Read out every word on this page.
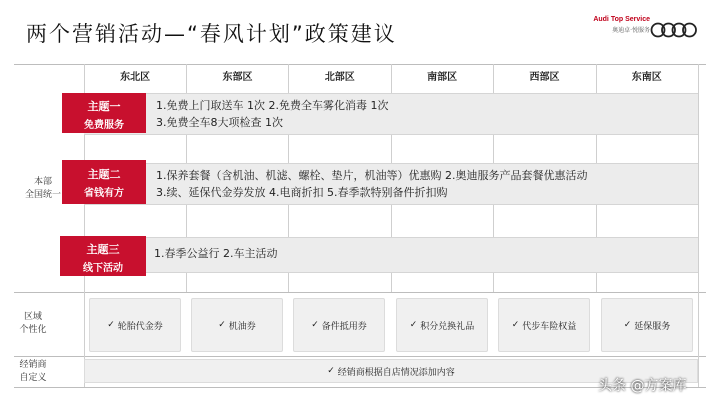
两个营销活动—“春风计划”政策建议
Audi Top Service
奥迪卓·悦服务
东北区	东部区	北部区	南部区	西部区	东南区
主题一
免费服务
1.免费上门取送车 1次 2.免费全车雾化消毒 1次
3.免费全车8大项检查 1次
主题二
省钱有方
1.保养套餐（含机油、机滤、螺栓、垫片，机油等）优惠购 2.奥迪服务产品套餐优惠活动
3.续、延保代金券发放 4.电商折扣 5.春季款特别备件折扣购
主题三
线下活动
1.春季公益行 2.车主活动
本部
全国统一
区域
个性化
经销商
自定义
✓ 轮胎代金券	✓ 机油券	✓ 备件抵用券	✓ 积分兑换礼品	✓ 代步车险权益	✓ 延保服务
✓ 经销商根据自店情况添加内容
头条 @方案库
